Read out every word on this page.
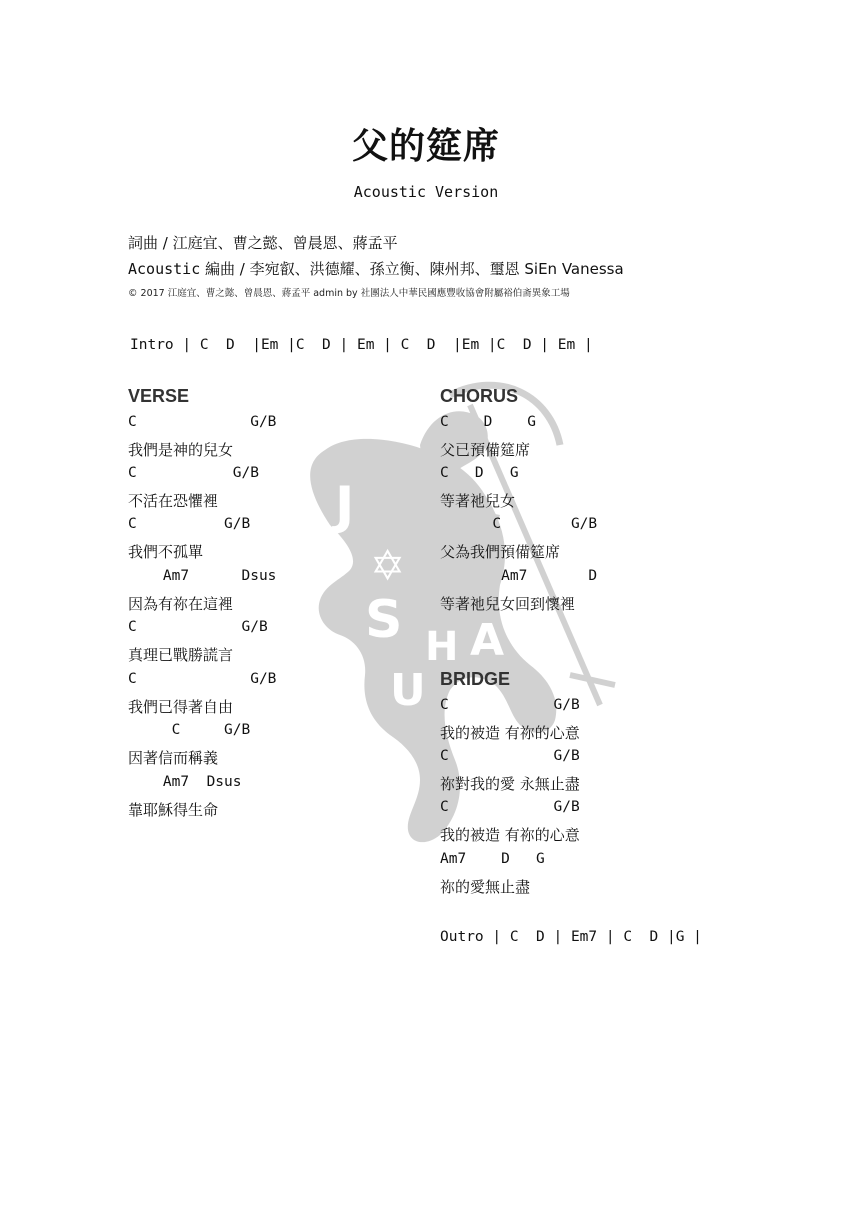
J
✡
S H
U
A
父的筵席
Acoustic Version
詞曲 / 江庭宜、曹之懿、曾晨恩、蔣孟平
Acoustic 編曲 / 李宛叡、洪德耀、孫立衡、陳州邦、璽恩 SiEn Vanessa
© 2017 江庭宜、曹之懿、曾晨恩、蔣孟平 admin by 社團法人中華民國應豐收協會附屬裕伯斋異象工場
Intro | C  D  |Em |C  D | Em | C  D  |Em |C  D | Em |
VERSE
C             G/B
我們是神的兒女
C           G/B
不活在恐懼裡
C          G/B
我們不孤單
Am7      Dsus
因為有祢在這裡
C            G/B
真理已戰勝謊言
C             G/B
我們已得著自由
C     G/B
因著信而稱義
Am7  Dsus
靠耶穌得生命
CHORUS
C    D    G
父已預備筵席
C   D   G
等著祂兒女
C        G/B
父為我們預備筵席
Am7       D
等著祂兒女回到懷裡
BRIDGE
C            G/B
我的被造 有祢的心意
C            G/B
祢對我的愛 永無止盡
C            G/B
我的被造 有祢的心意
Am7    D   G
祢的愛無止盡
Outro | C  D | Em7 | C  D |G |
